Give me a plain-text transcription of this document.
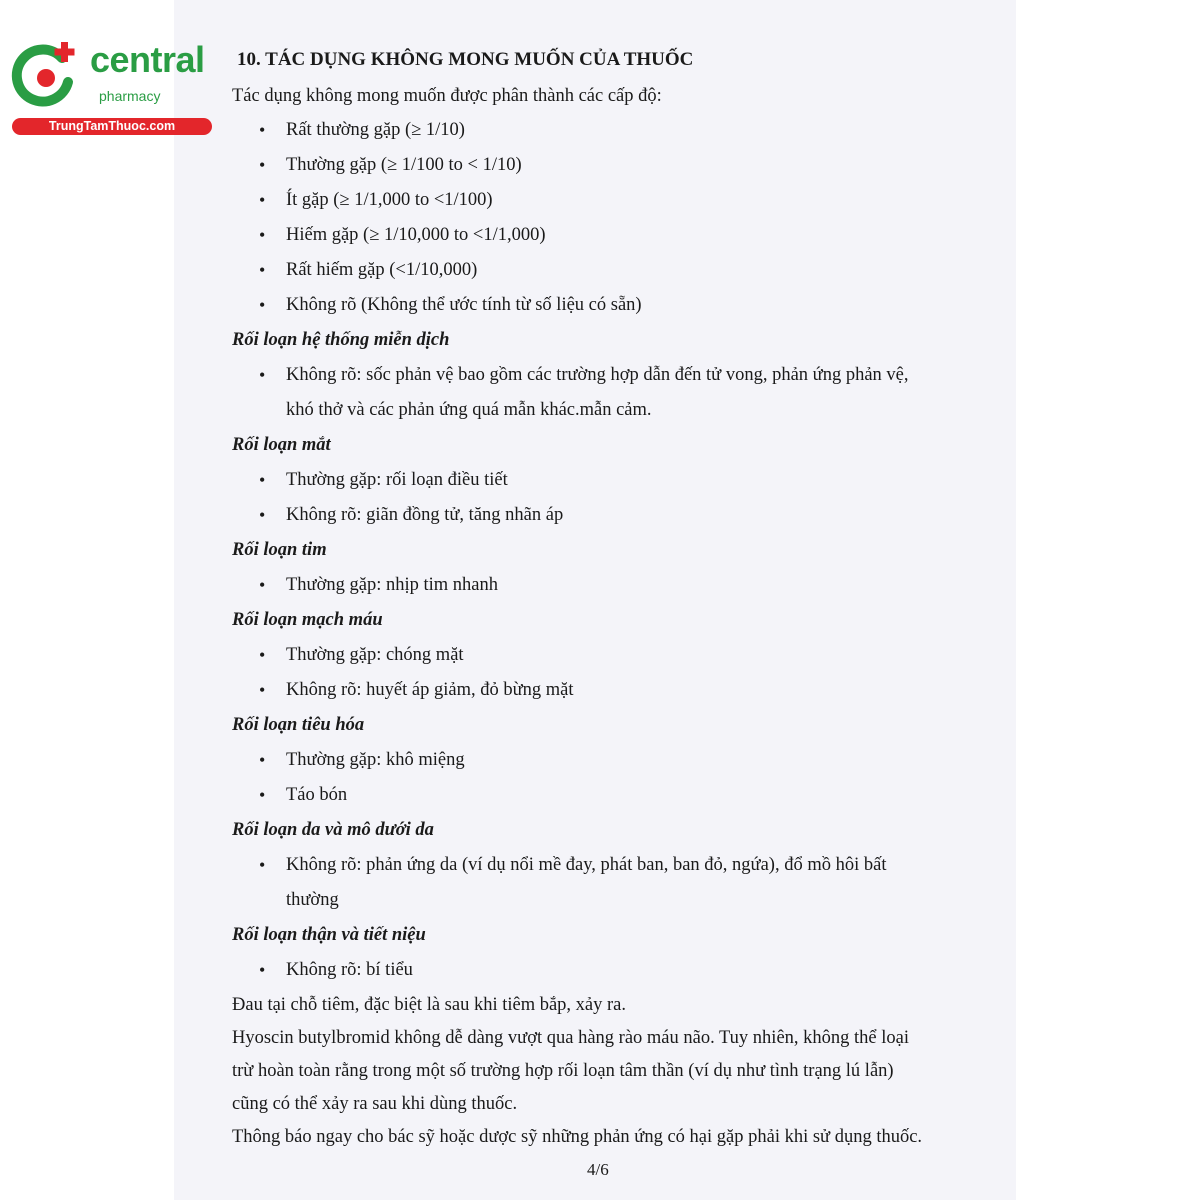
central
pharmacy
TrungTamThuoc.com
10. TÁC DỤNG KHÔNG MONG MUỐN CỦA THUỐC
Tác dụng không mong muốn được phân thành các cấp độ:
• Rất thường gặp (≥ 1/10)
• Thường gặp (≥ 1/100 to < 1/10)
• Ít gặp (≥ 1/1,000 to <1/100)
• Hiếm gặp (≥ 1/10,000 to <1/1,000)
• Rất hiếm gặp (<1/10,000)
• Không rõ (Không thể ước tính từ số liệu có sẵn)
Rối loạn hệ thống miễn dịch
• Không rõ: sốc phản vệ bao gồm các trường hợp dẫn đến tử vong, phản ứng phản vệ,
khó thở và các phản ứng quá mẫn khác.mẫn cảm.
Rối loạn mắt
• Thường gặp: rối loạn điều tiết
• Không rõ: giãn đồng tử, tăng nhãn áp
Rối loạn tim
• Thường gặp: nhịp tim nhanh
Rối loạn mạch máu
• Thường gặp: chóng mặt
• Không rõ: huyết áp giảm, đỏ bừng mặt
Rối loạn tiêu hóa
• Thường gặp: khô miệng
• Táo bón
Rối loạn da và mô dưới da
• Không rõ: phản ứng da (ví dụ nổi mề đay, phát ban, ban đỏ, ngứa), đổ mồ hôi bất
thường
Rối loạn thận và tiết niệu
• Không rõ: bí tiểu
Đau tại chỗ tiêm, đặc biệt là sau khi tiêm bắp, xảy ra.
Hyoscin butylbromid không dễ dàng vượt qua hàng rào máu não. Tuy nhiên, không thể loại
trừ hoàn toàn rằng trong một số trường hợp rối loạn tâm thần (ví dụ như tình trạng lú lẫn)
cũng có thể xảy ra sau khi dùng thuốc.
Thông báo ngay cho bác sỹ hoặc dược sỹ những phản ứng có hại gặp phải khi sử dụng thuốc.
4/6
